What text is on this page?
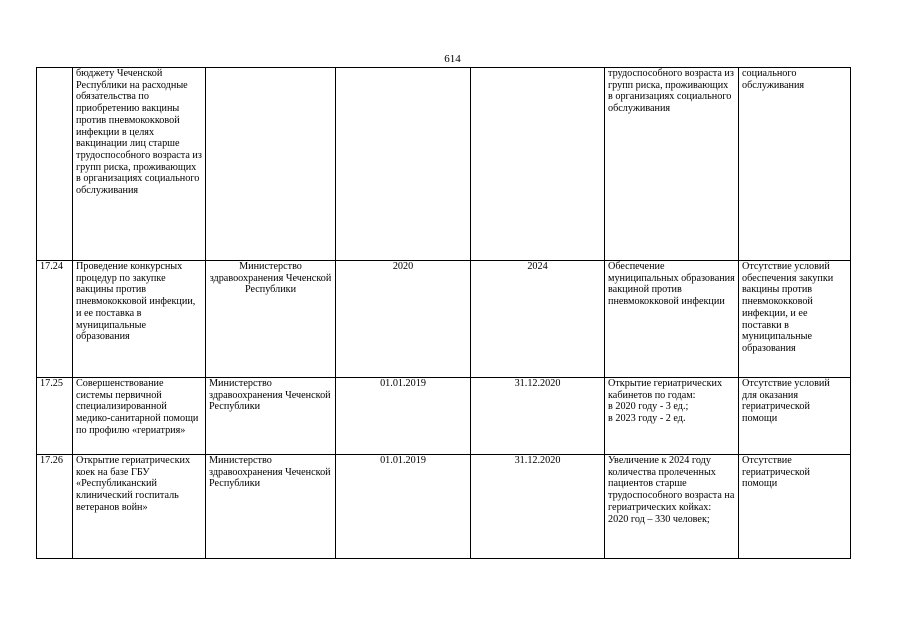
614
	бюджету Чеченской Республики на расходные обязательства по приобретению вакцины против пневмококковой инфекции в целях вакцинации лиц старше трудоспособного возраста из групп риска, проживающих в организациях социального обслуживания				трудоспособного возраста из групп риска, проживающих в организациях социального обслуживания	социального обслуживания
17.24	Проведение конкурсных процедур по закупке вакцины против пневмококковой инфекции, и ее поставка в муниципальные образования	Министерство здравоохранения Чеченской Республики	2020	2024	Обеспечение муниципальных образования вакциной против пневмококковой инфекции	Отсутствие условий обеспечения закупки вакцины против пневмококковой инфекции, и ее поставки в муниципальные образования
17.25	Совершенствование системы первичной специализированной медико-санитарной помощи по профилю «гериатрия»	Министерство здравоохранения Чеченской Республики	01.01.2019	31.12.2020	Открытие гериатрических кабинетов по годам:
в 2020 году - 3 ед.;
в 2023 году - 2 ед.	Отсутствие условий для оказания гериатрической помощи
17.26	Открытие гериатрических коек на базе ГБУ «Республиканский клинический госпиталь ветеранов войн»	Министерство здравоохранения Чеченской Республики	01.01.2019	31.12.2020	Увеличение к 2024 году количества пролеченных пациентов старше трудоспособного возраста на гериатрических койках:
2020 год – 330 человек;	Отсутствие гериатрической помощи
